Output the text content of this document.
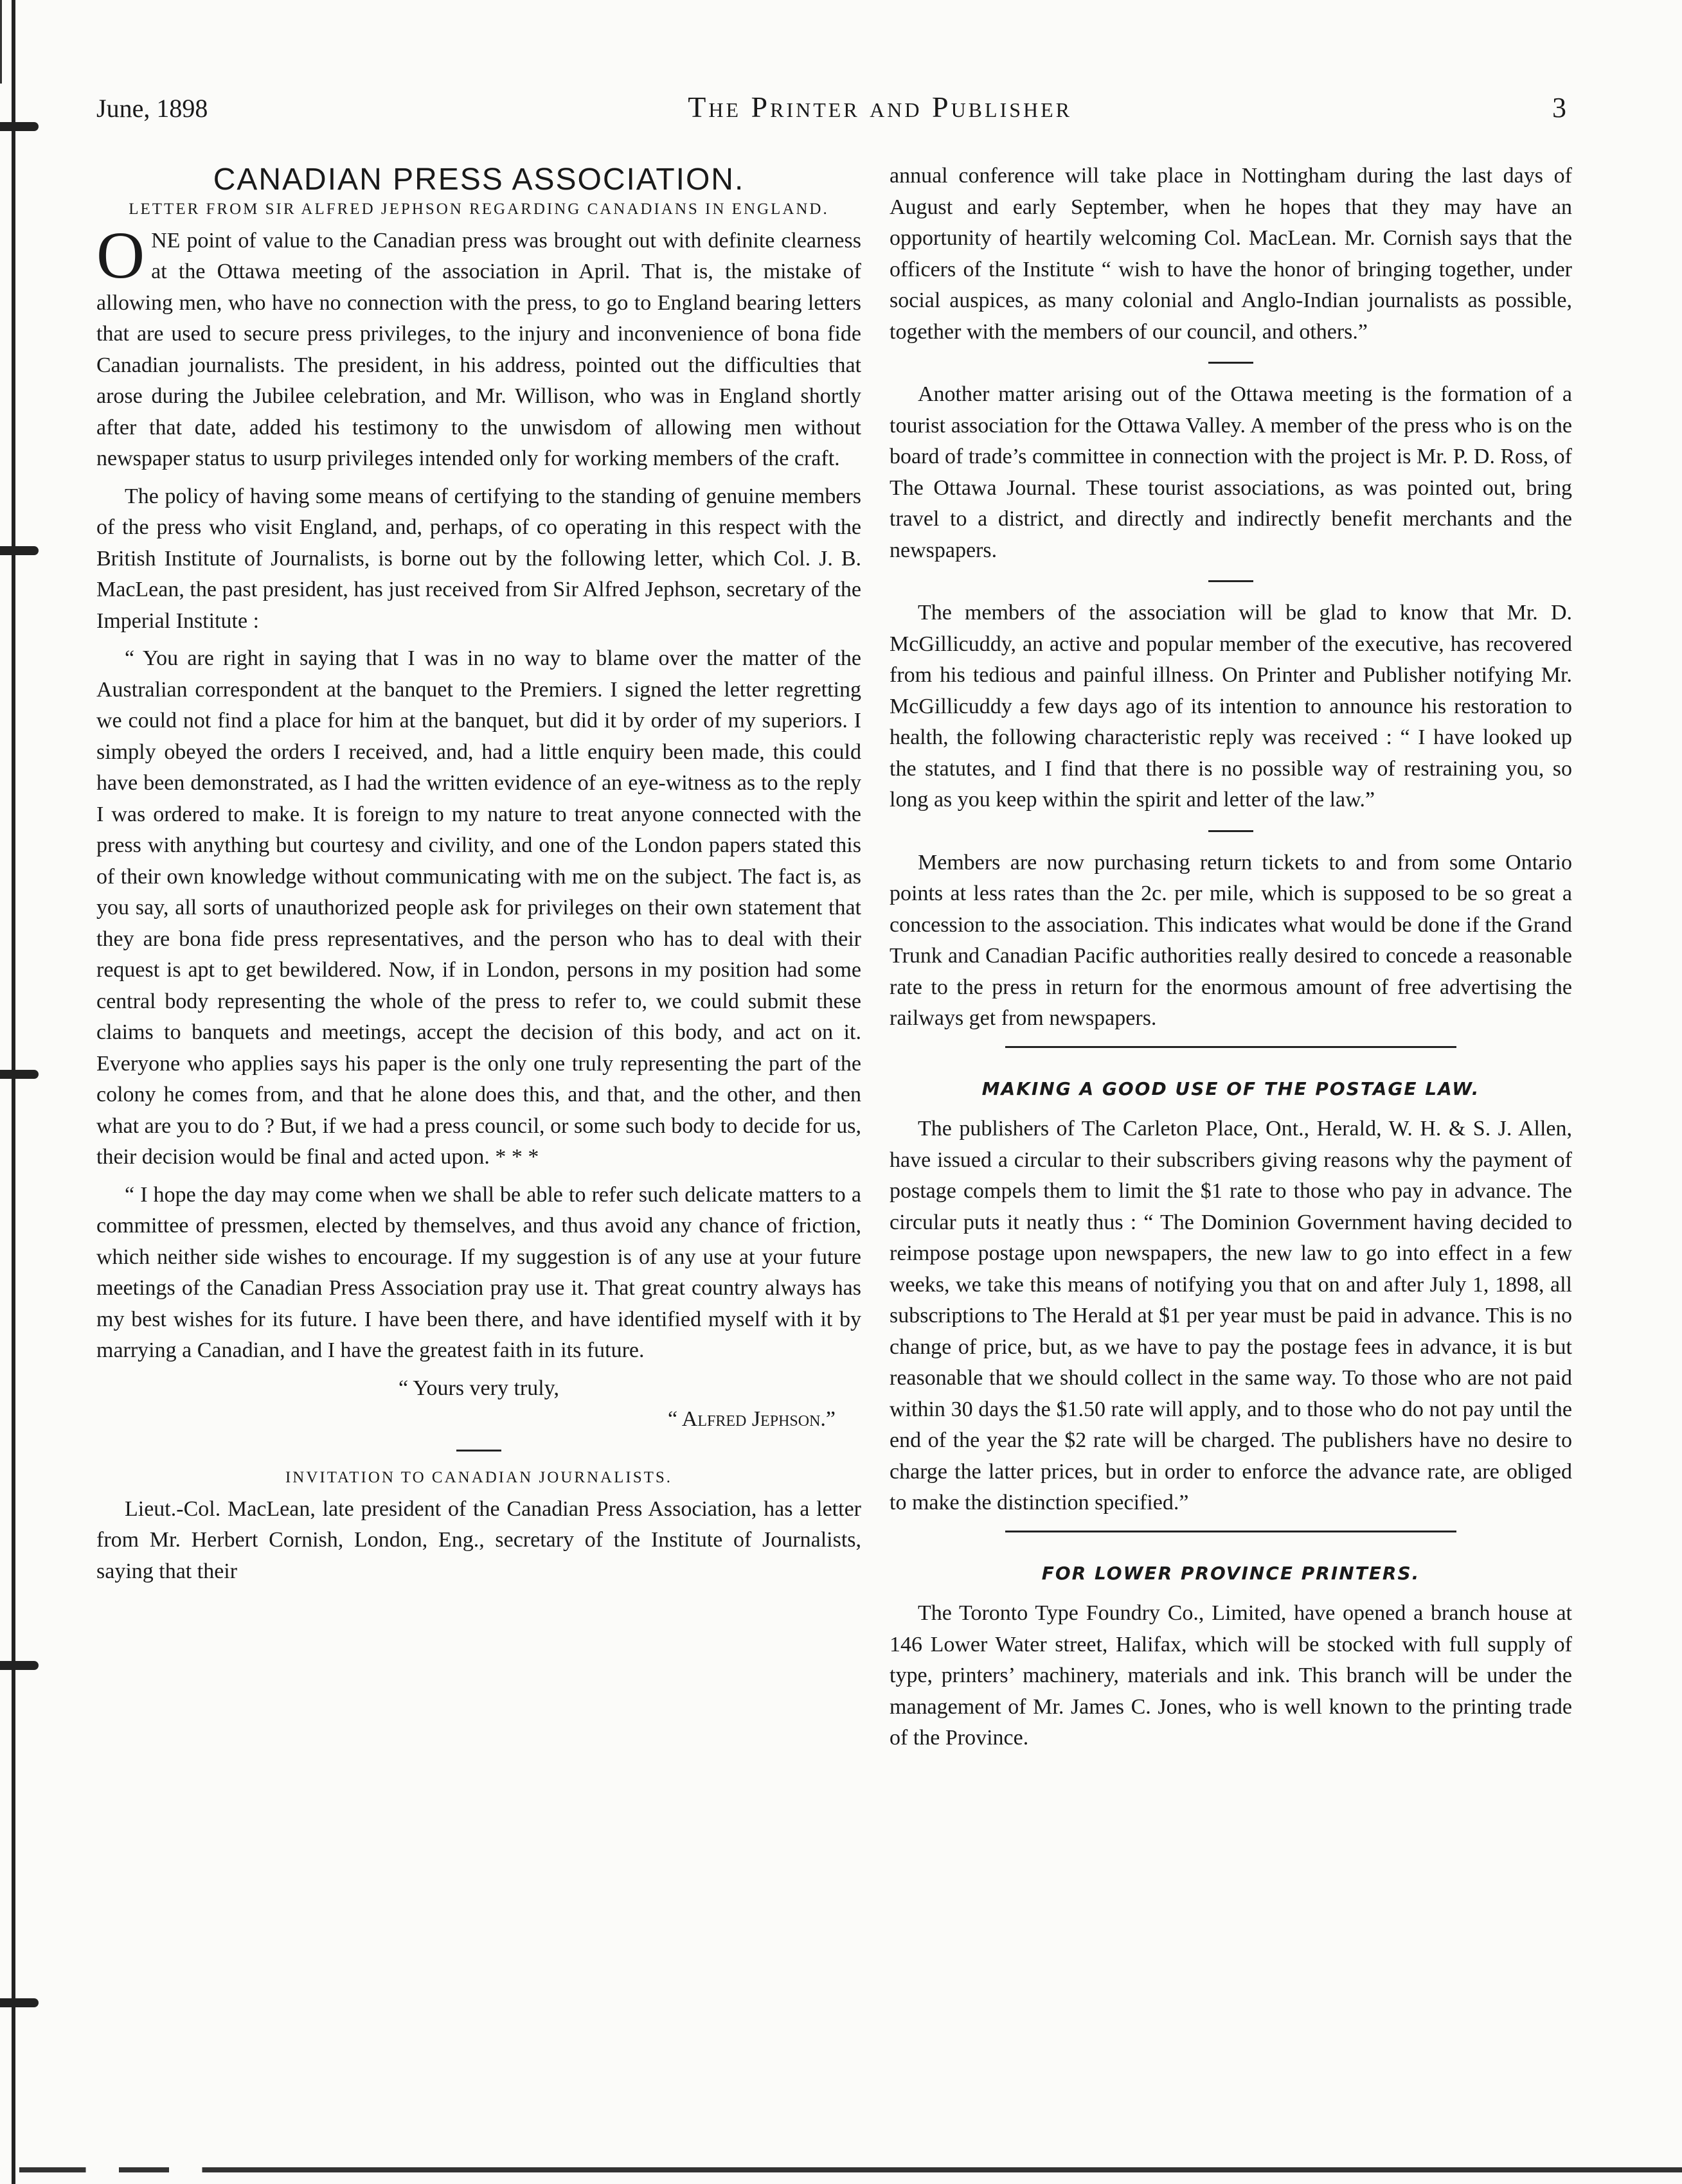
June, 1898	The Printer and Publisher	3
CANADIAN PRESS ASSOCIATION.
LETTER FROM SIR ALFRED JEPHSON REGARDING CANADIANS IN ENGLAND.

ONE point of value to the Canadian press was brought out with definite clearness at the Ottawa meeting of the association in April. That is, the mistake of allowing men, who have no connection with the press, to go to England bearing letters that are used to secure press privileges, to the injury and inconvenience of bona fide Canadian journalists. The president, in his address, pointed out the difficulties that arose during the Jubilee celebration, and Mr. Willison, who was in England shortly after that date, added his testimony to the unwisdom of allowing men without newspaper status to usurp privileges intended only for working members of the craft.

The policy of having some means of certifying to the standing of genuine members of the press who visit England, and, perhaps, of co operating in this respect with the British Institute of Journalists, is borne out by the following letter, which Col. J. B. MacLean, the past president, has just received from Sir Alfred Jephson, secretary of the Imperial Institute :

“ You are right in saying that I was in no way to blame over the matter of the Australian correspondent at the banquet to the Premiers. I signed the letter regretting we could not find a place for him at the banquet, but did it by order of my superiors. I simply obeyed the orders I received, and, had a little enquiry been made, this could have been demonstrated, as I had the written evidence of an eye-witness as to the reply I was ordered to make. It is foreign to my nature to treat anyone connected with the press with anything but courtesy and civility, and one of the London papers stated this of their own knowledge without communicating with me on the subject. The fact is, as you say, all sorts of unauthorized people ask for privileges on their own statement that they are bona fide press representatives, and the person who has to deal with their request is apt to get bewildered. Now, if in London, persons in my position had some central body representing the whole of the press to refer to, we could submit these claims to banquets and meetings, accept the decision of this body, and act on it. Everyone who applies says his paper is the only one truly representing the part of the colony he comes from, and that he alone does this, and that, and the other, and then what are you to do ? But, if we had a press council, or some such body to decide for us, their decision would be final and acted upon. * * *

“ I hope the day may come when we shall be able to refer such delicate matters to a committee of pressmen, elected by themselves, and thus avoid any chance of friction, which neither side wishes to encourage. If my suggestion is of any use at your future meetings of the Canadian Press Association pray use it. That great country always has my best wishes for its future. I have been there, and have identified myself with it by marrying a Canadian, and I have the greatest faith in its future.

“ Yours very truly,

“ Alfred Jephson.”

INVITATION TO CANADIAN JOURNALISTS.

Lieut.-Col. MacLean, late president of the Canadian Press Association, has a letter from Mr. Herbert Cornish, London, Eng., secretary of the Institute of Journalists, saying that their

annual conference will take place in Nottingham during the last days of August and early September, when he hopes that they may have an opportunity of heartily welcoming Col. MacLean. Mr. Cornish says that the officers of the Institute “ wish to have the honor of bringing together, under social auspices, as many colonial and Anglo-Indian journalists as possible, together with the members of our council, and others.”

Another matter arising out of the Ottawa meeting is the formation of a tourist association for the Ottawa Valley. A member of the press who is on the board of trade’s committee in connection with the project is Mr. P. D. Ross, of The Ottawa Journal. These tourist associations, as was pointed out, bring travel to a district, and directly and indirectly benefit merchants and the newspapers.

The members of the association will be glad to know that Mr. D. McGillicuddy, an active and popular member of the executive, has recovered from his tedious and painful illness. On Printer and Publisher notifying Mr. McGillicuddy a few days ago of its intention to announce his restoration to health, the following characteristic reply was received : “ I have looked up the statutes, and I find that there is no possible way of restraining you, so long as you keep within the spirit and letter of the law.”

Members are now purchasing return tickets to and from some Ontario points at less rates than the 2c. per mile, which is supposed to be so great a concession to the association. This indicates what would be done if the Grand Trunk and Canadian Pacific authorities really desired to concede a reasonable rate to the press in return for the enormous amount of free advertising the railways get from newspapers.

MAKING A GOOD USE OF THE POSTAGE LAW.

The publishers of The Carleton Place, Ont., Herald, W. H. & S. J. Allen, have issued a circular to their subscribers giving reasons why the payment of postage compels them to limit the $1 rate to those who pay in advance. The circular puts it neatly thus : “ The Dominion Government having decided to reimpose postage upon newspapers, the new law to go into effect in a few weeks, we take this means of notifying you that on and after July 1, 1898, all subscriptions to The Herald at $1 per year must be paid in advance. This is no change of price, but, as we have to pay the postage fees in advance, it is but reasonable that we should collect in the same way. To those who are not paid within 30 days the $1.50 rate will apply, and to those who do not pay until the end of the year the $2 rate will be charged. The publishers have no desire to charge the latter prices, but in order to enforce the advance rate, are obliged to make the distinction specified.”

FOR LOWER PROVINCE PRINTERS.

The Toronto Type Foundry Co., Limited, have opened a branch house at 146 Lower Water street, Halifax, which will be stocked with full supply of type, printers’ machinery, materials and ink. This branch will be under the management of Mr. James C. Jones, who is well known to the printing trade of the Province.
